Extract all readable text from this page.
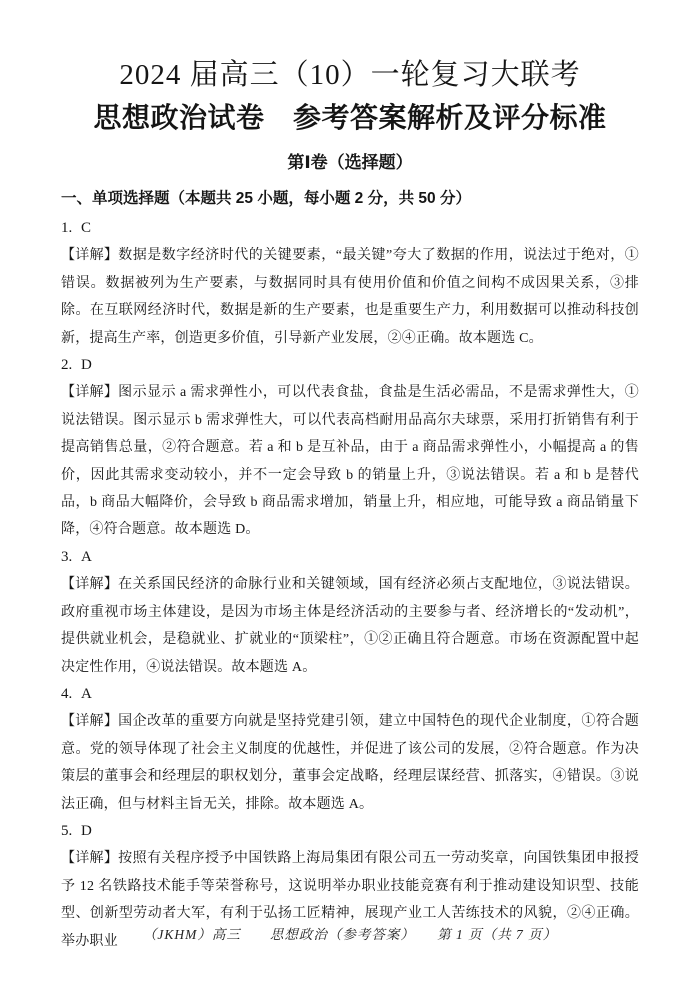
2024 届高三（10）一轮复习大联考
思想政治试卷　参考答案解析及评分标准
第Ⅰ卷（选择题）
一、单项选择题（本题共 25 小题，每小题 2 分，共 50 分）
1. C

【详解】数据是数字经济时代的关键要素，“最关键”夸大了数据的作用，说法过于绝对，①错误。数据被列为生产要素，与数据同时具有使用价值和价值之间构不成因果关系，③排除。在互联网经济时代，数据是新的生产要素，也是重要生产力，利用数据可以推动科技创新，提高生产率，创造更多价值，引导新产业发展，②④正确。故本题选 C。

2. D

【详解】图示显示 a 需求弹性小，可以代表食盐，食盐是生活必需品，不是需求弹性大，①说法错误。图示显示 b 需求弹性大，可以代表高档耐用品高尔夫球票，采用打折销售有利于提高销售总量，②符合题意。若 a 和 b 是互补品，由于 a 商品需求弹性小，小幅提高 a 的售价，因此其需求变动较小，并不一定会导致 b 的销量上升，③说法错误。若 a 和 b 是替代品，b 商品大幅降价，会导致 b 商品需求增加，销量上升，相应地，可能导致 a 商品销量下降，④符合题意。故本题选 D。

3. A

【详解】在关系国民经济的命脉行业和关键领域，国有经济必须占支配地位，③说法错误。政府重视市场主体建设，是因为市场主体是经济活动的主要参与者、经济增长的“发动机”，提供就业机会，是稳就业、扩就业的“顶梁柱”，①②正确且符合题意。市场在资源配置中起决定性作用，④说法错误。故本题选 A。

4. A

【详解】国企改革的重要方向就是坚持党建引领，建立中国特色的现代企业制度，①符合题意。党的领导体现了社会主义制度的优越性，并促进了该公司的发展，②符合题意。作为决策层的董事会和经理层的职权划分，董事会定战略，经理层谋经营、抓落实，④错误。③说法正确，但与材料主旨无关，排除。故本题选 A。

5. D

【详解】按照有关程序授予中国铁路上海局集团有限公司五一劳动奖章，向国铁集团申报授予 12 名铁路技术能手等荣誉称号，这说明举办职业技能竞赛有利于推动建设知识型、技能型、创新型劳动者大军，有利于弘扬工匠精神，展现产业工人苦练技术的风貌，②④正确。举办职业	（JKHM）高三　　思想政治（参考答案）　　第 1 页（共 7 页）
